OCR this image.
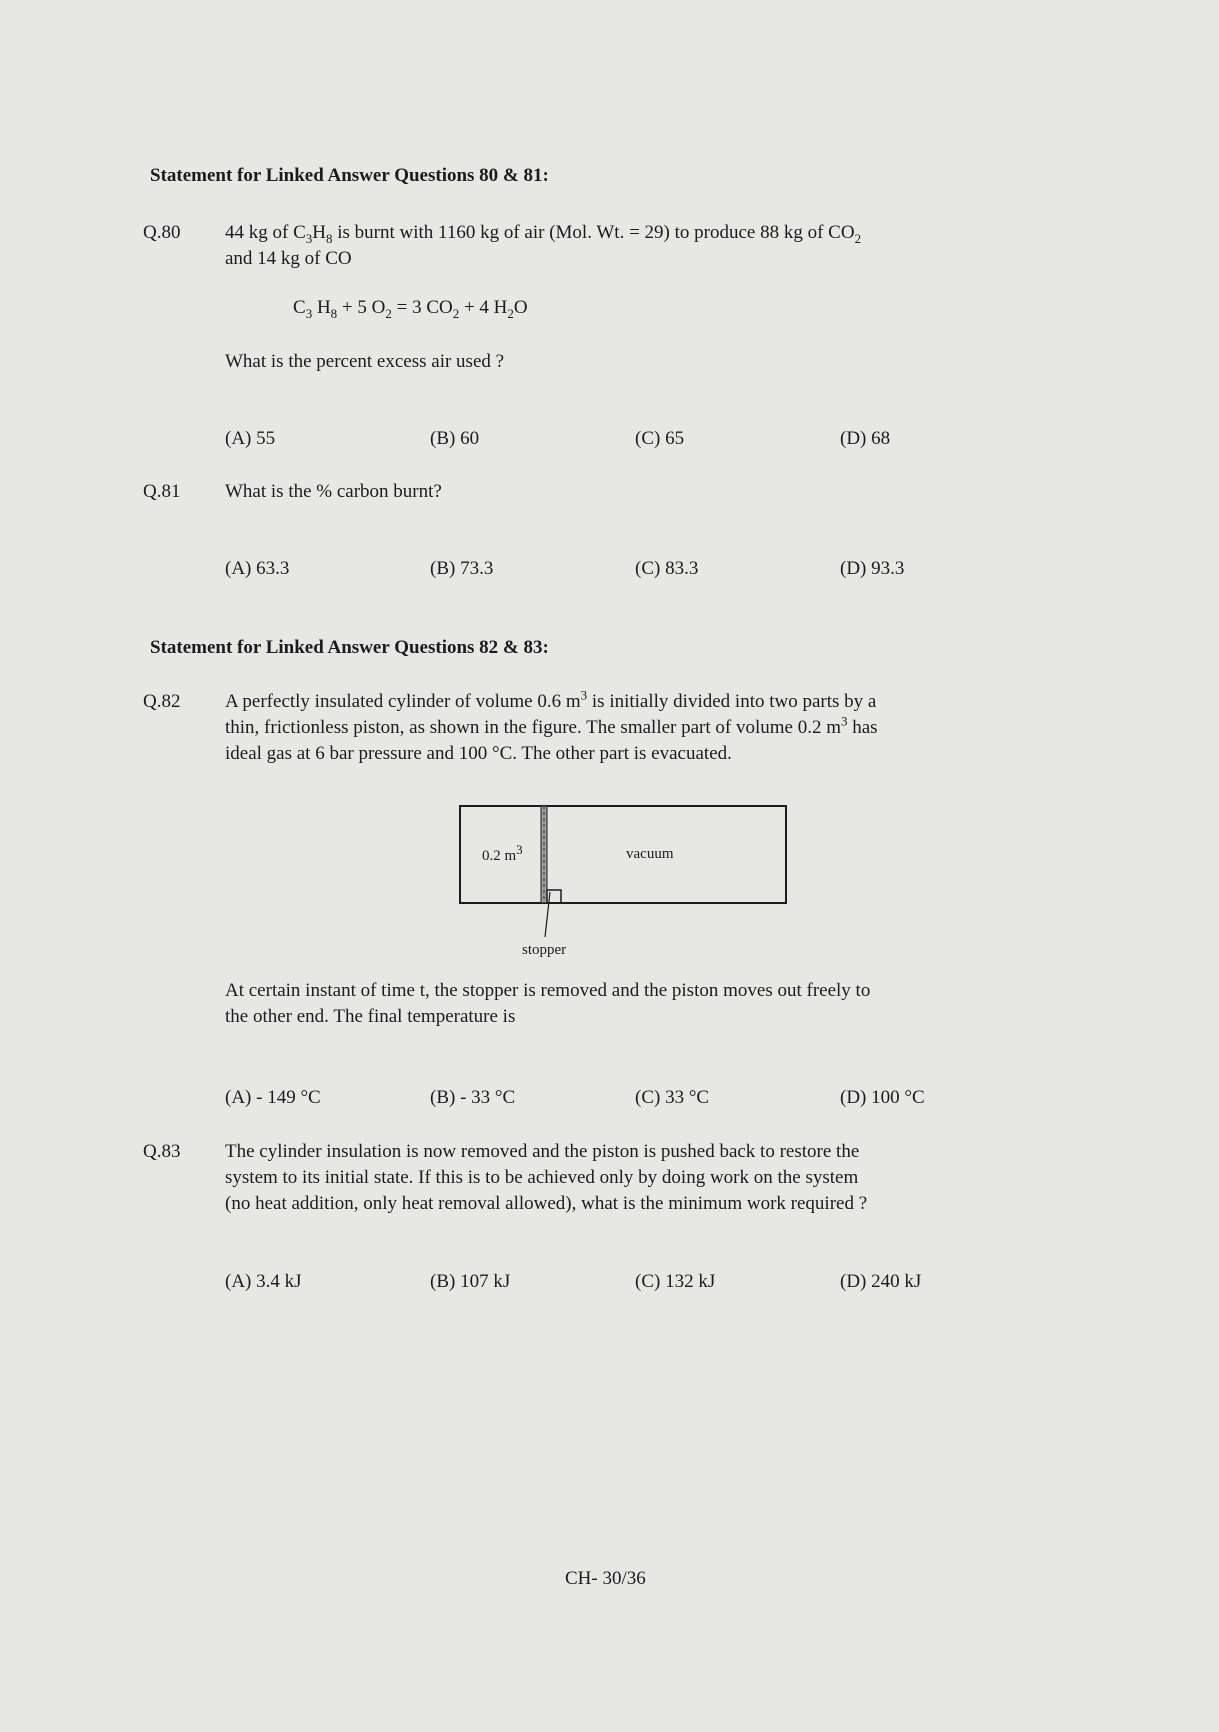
Statement for Linked Answer Questions 80 & 81:
Q.80 44 kg of $C_3H_8$ is burnt with 1160 kg of air (Mol. Wt. = 29) to produce 88 kg of $CO_2$
and 14 kg of CO
$C_3$ $H_8 + 5$ $O_2 = 3$ $CO_2 + 4$ $H_2O$
What is the percent excess air used ?
(A) 55	(B) 60	(C) 65	(D) 68
Q.81 What is the % carbon burnt?
(A) 63.3	(B) 73.3	(C) 83.3	(D) 93.3
Statement for Linked Answer Questions 82 & 83:
Q.82 A perfectly insulated cylinder of volume 0.6 $m^3$ is initially divided into two parts by a
thin, frictionless piston, as shown in the figure. The smaller part of volume 0.2 $m^3$ has
ideal gas at 6 bar pressure and 100 °C. The other part is evacuated.
0.2 $m^3$	vacuum
stopper
At certain instant of time t, the stopper is removed and the piston moves out freely to
the other end. The final temperature is
(A) - 149 °C	(B) - 33 °C	(C) 33 °C	(D) 100 °C
Q.83 The cylinder insulation is now removed and the piston is pushed back to restore the
system to its initial state. If this is to be achieved only by doing work on the system
(no heat addition, only heat removal allowed), what is the minimum work required ?
(A) 3.4 kJ	(B) 107 kJ	(C) 132 kJ	(D) 240 kJ
CH- 30/36
